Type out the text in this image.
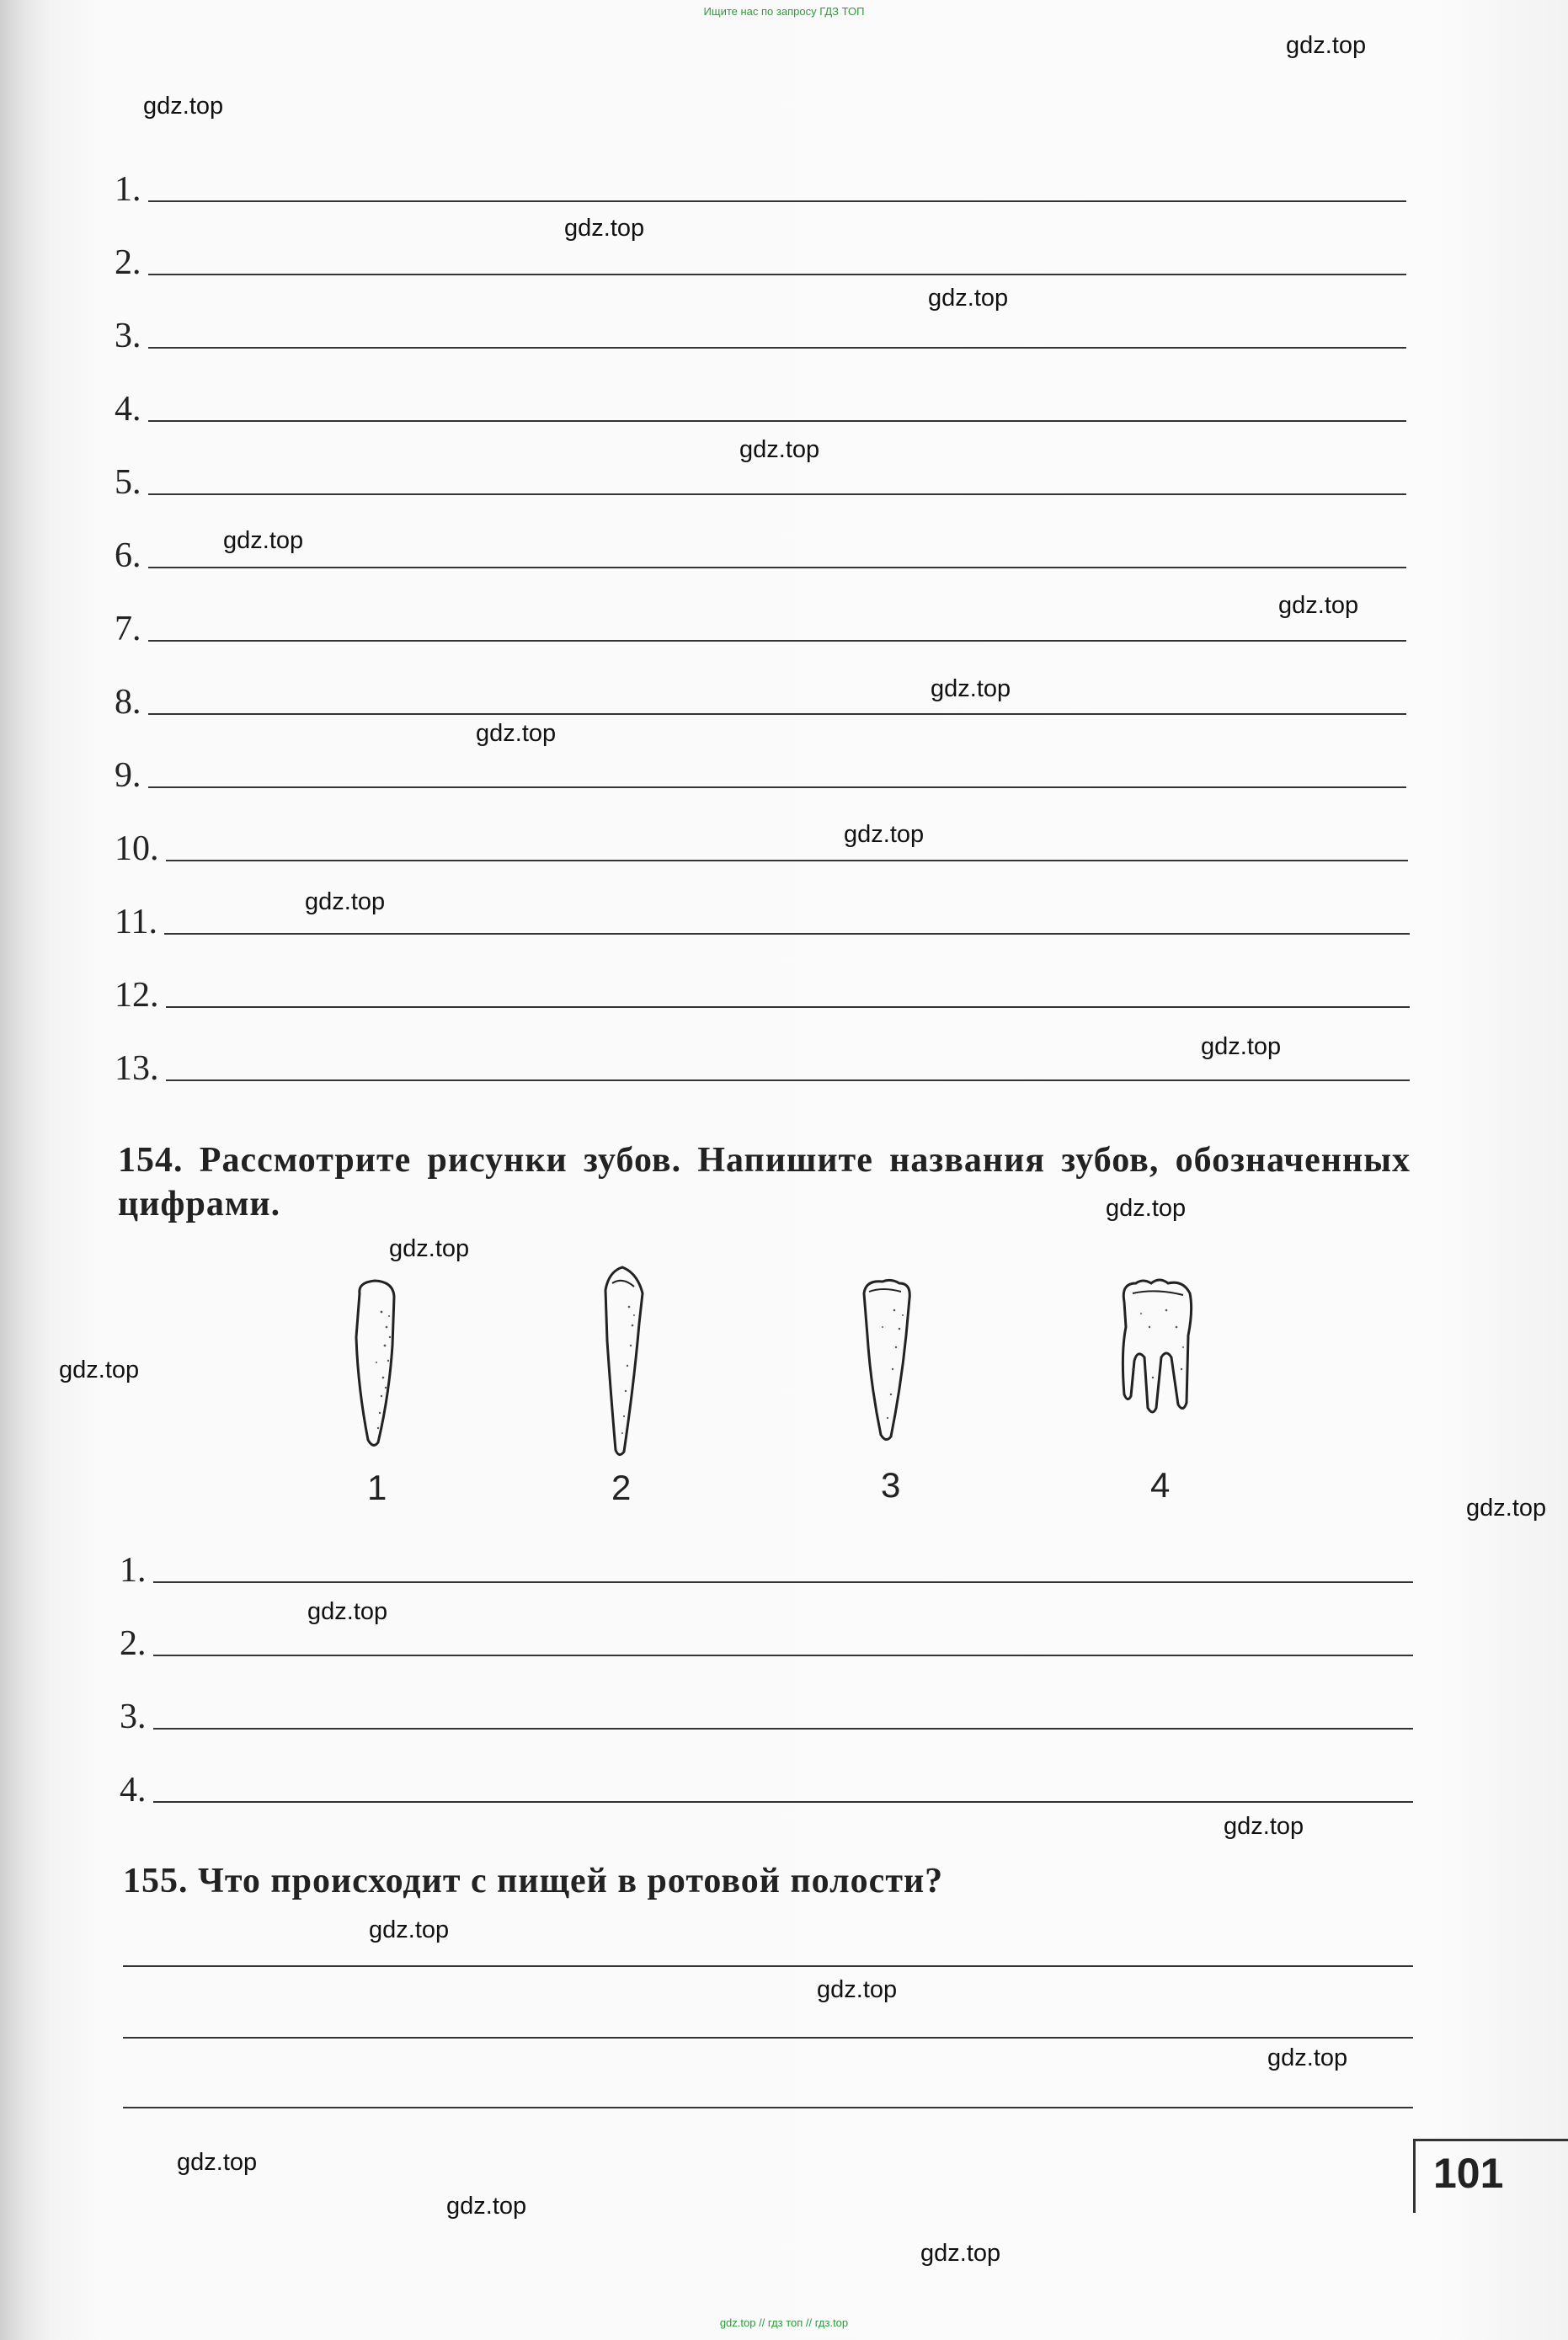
Ищите нас по запросу ГДЗ ТОП
gdz.top
gdz.top
gdz.top
gdz.top
gdz.top
gdz.top
gdz.top
gdz.top
gdz.top
gdz.top
gdz.top
gdz.top
gdz.top
gdz.top
gdz.top
gdz.top
gdz.top
gdz.top
gdz.top
gdz.top
gdz.top
gdz.top
gdz.top
gdz.top
1.
2.
3.
4.
5.
6.
7.
8.
9.
10.
11.
12.
13.
154. Рассмотрите рисунки зубов. Напишите названия зубов, обозначенных цифрами.
1	2	3	4
1.
2.
3.
4.
155. Что происходит с пищей в ротовой полости?
101
gdz.top // гдз топ // гдз.top
